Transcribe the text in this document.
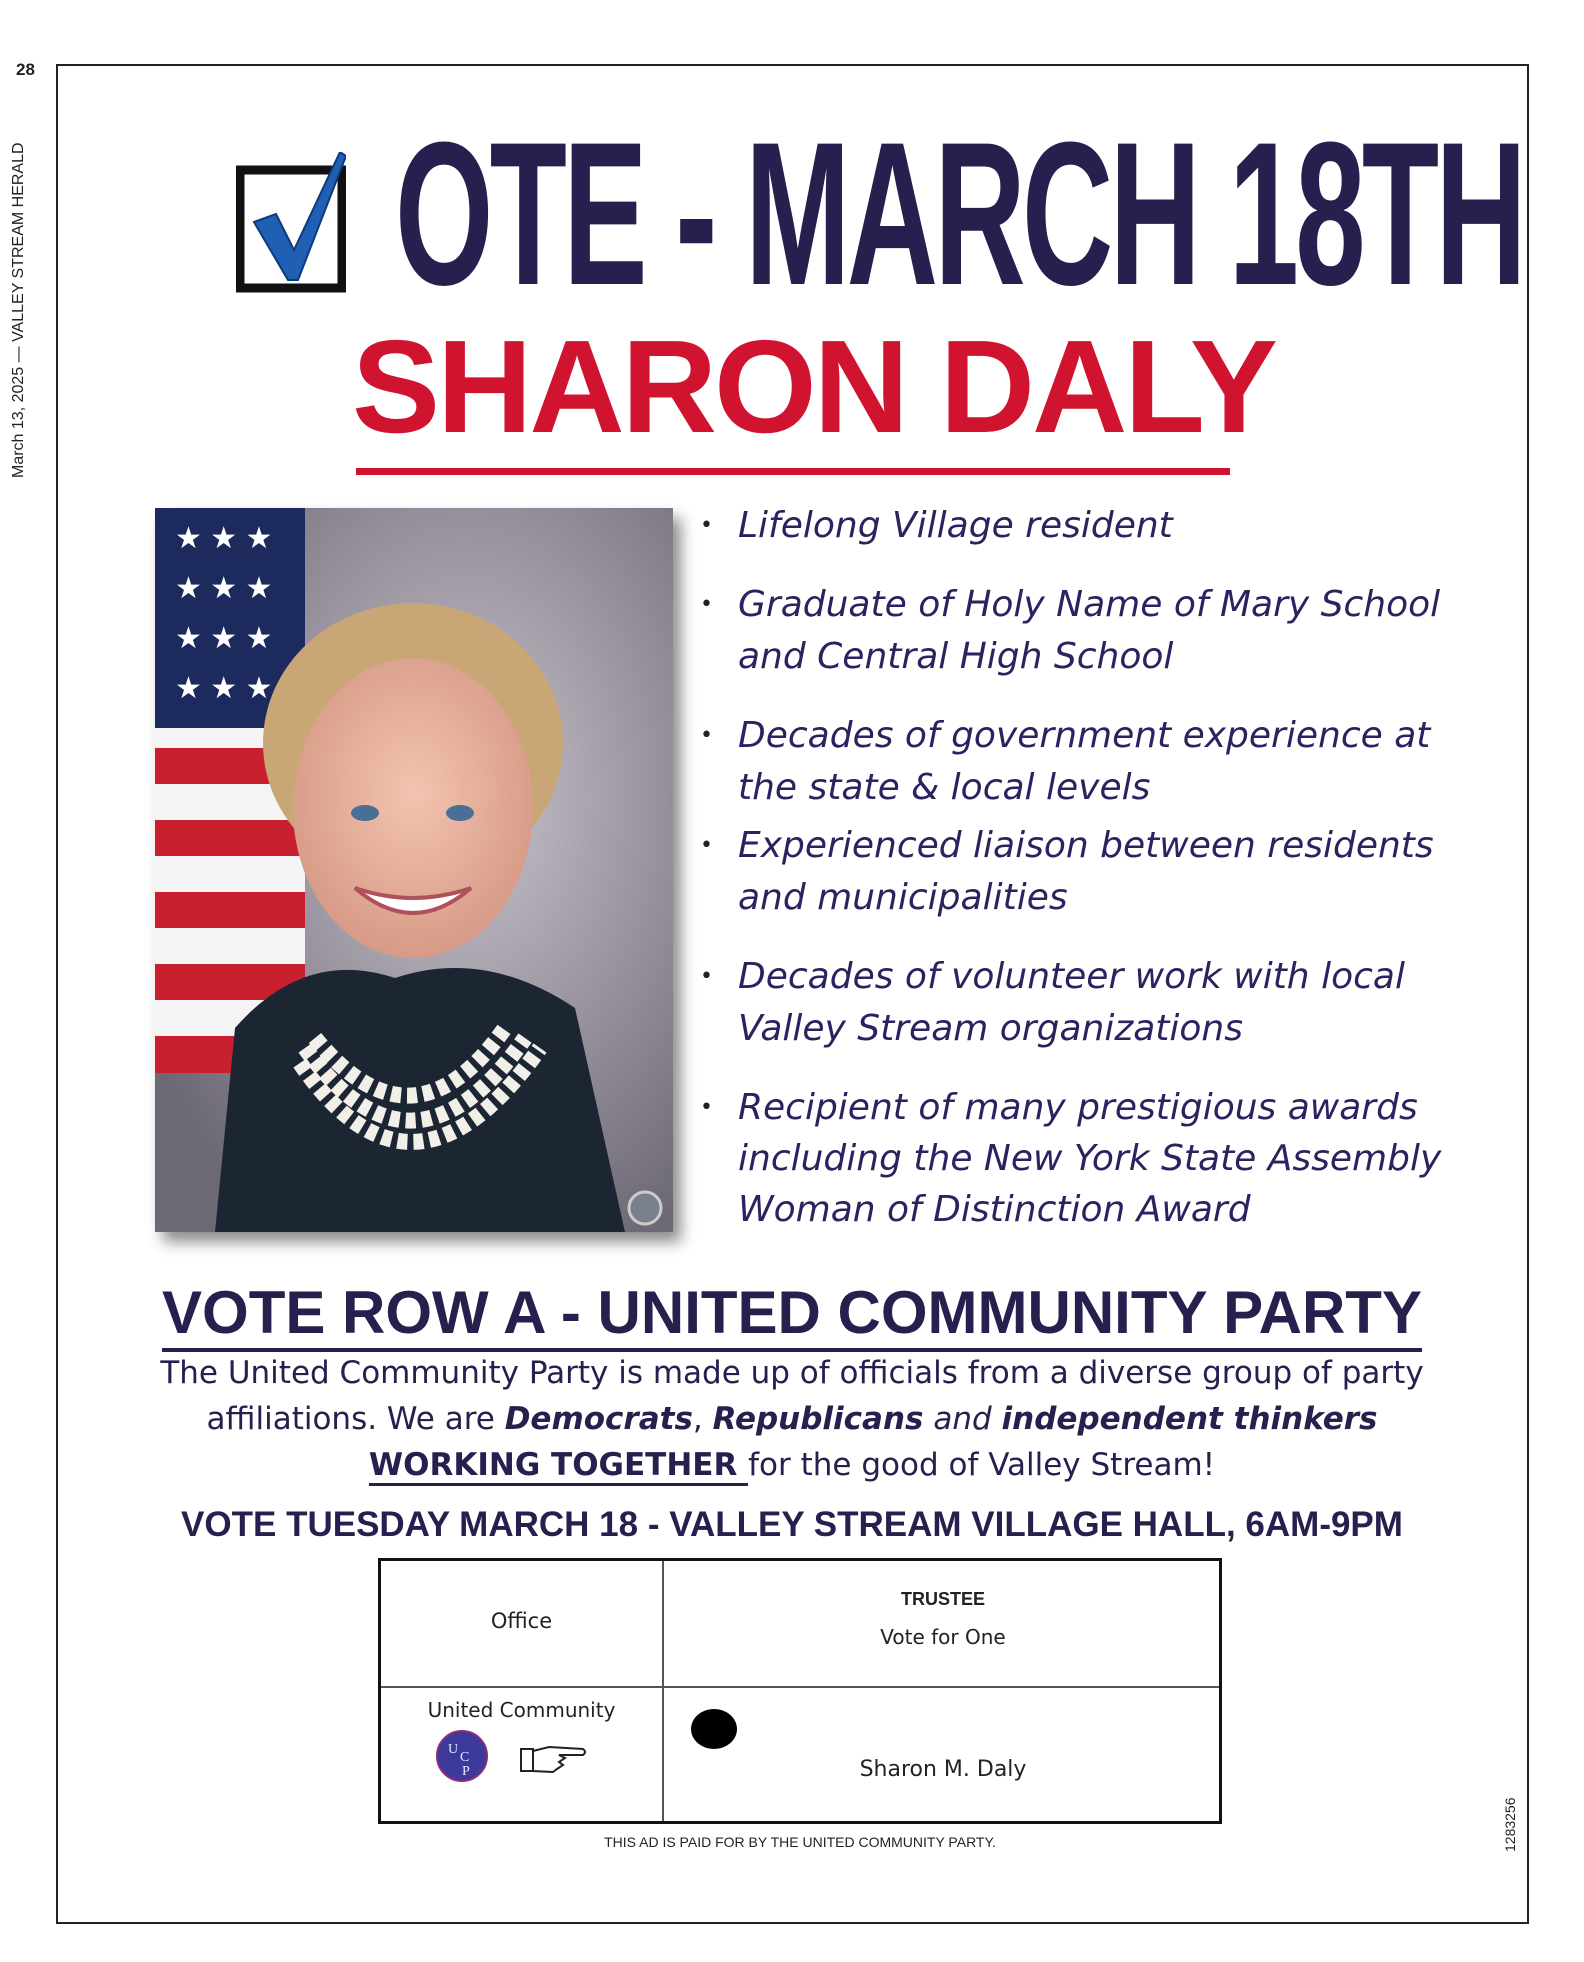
28
March 13, 2025 — VALLEY STREAM HERALD
1283256
OTE - MARCH 18TH
SHARON DALY
★ ★ ★
★ ★ ★
★ ★ ★
★ ★ ★
• Lifelong Village resident
• Graduate of Holy Name of Mary School and Central High School
• Decades of government experience at the state & local levels
• Experienced liaison between residents and municipalities
• Decades of volunteer work with local Valley Stream organizations
• Recipient of many prestigious awards including the New York State Assembly Woman of Distinction Award
VOTE ROW A - UNITED COMMUNITY PARTY
The United Community Party is made up of officials from a diverse group of party affiliations. We are Democrats, Republicans and independent thinkers
WORKING TOGETHER for the good of Valley Stream!
VOTE TUESDAY MARCH 18 - VALLEY STREAM VILLAGE HALL, 6AM-9PM
Office
TRUSTEE
Vote for One
United Community
U
C
P	Sharon M. Daly
THIS AD IS PAID FOR BY THE UNITED COMMUNITY PARTY.
